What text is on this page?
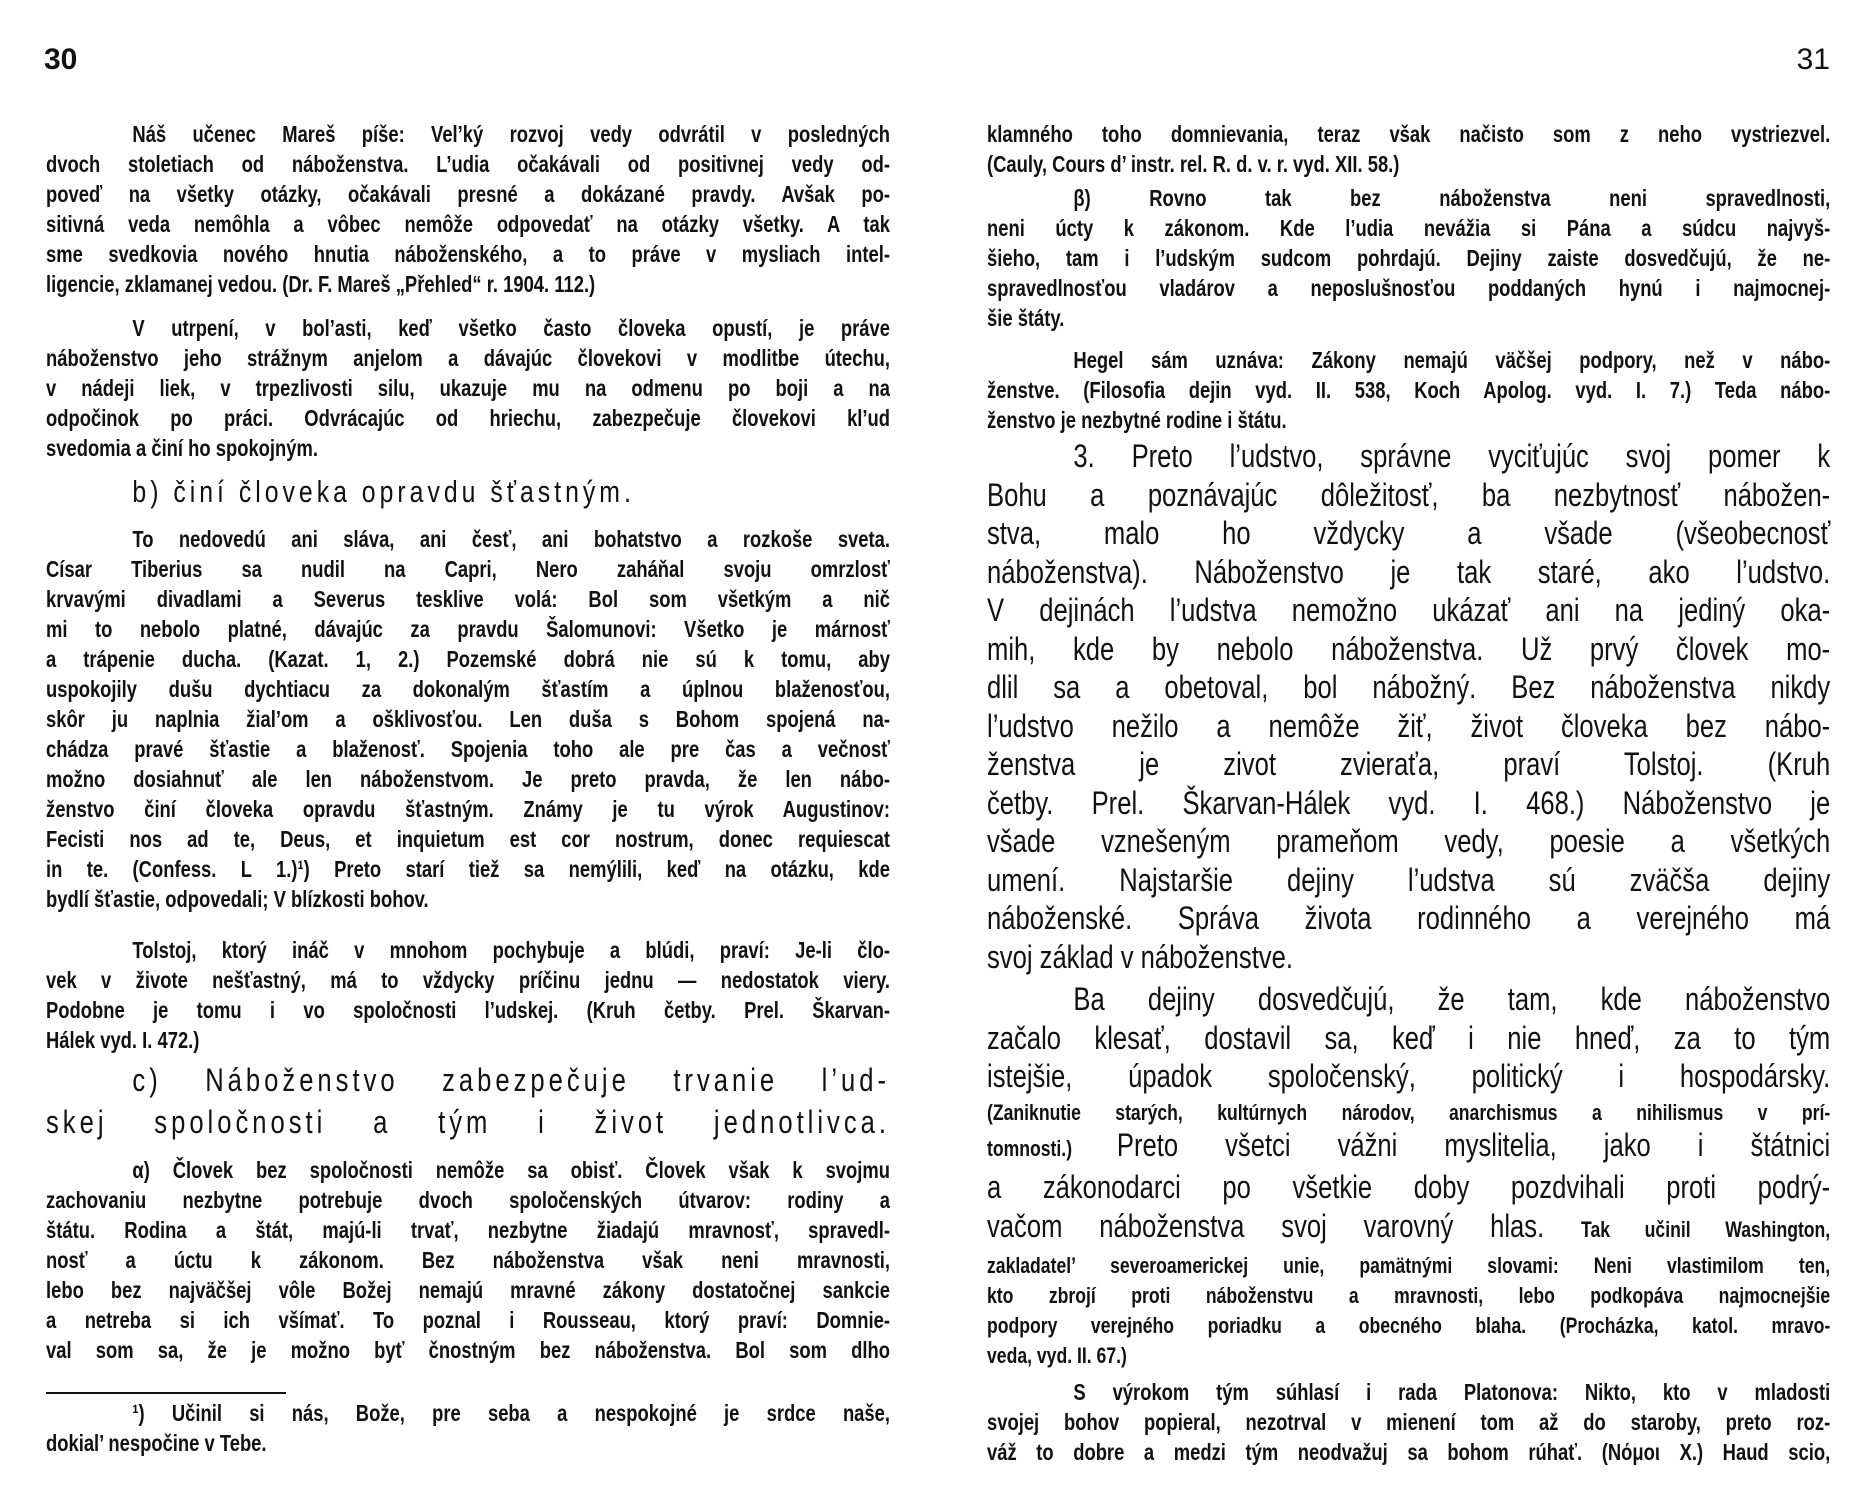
30	31
Náš učenec Mareš píše: Vel’ký rozvoj vedy odvrátil v posledných
dvoch stoletiach od náboženstva. L’udia očakávali od positivnej vedy od-
poveď na všetky otázky, očakávali presné a dokázané pravdy. Avšak po-
sitivná veda nemôhla a vôbec nemôže odpovedať na otázky všetky. A tak
sme svedkovia nového hnutia náboženského, a to práve v mysliach intel-
ligencie, zklamanej vedou. (Dr. F. Mareš „Přehled“ r. 1904. 112.)
V utrpení, v bol’asti, keď všetko často človeka opustí, je práve
náboženstvo jeho strážnym anjelom a dávajúc človekovi v modlitbe útechu,
v nádeji liek, v trpezlivosti silu, ukazuje mu na odmenu po boji a na
odpočinok po práci. Odvrácajúc od hriechu, zabezpečuje človekovi kl’ud
svedomia a činí ho spokojným.
b) činí človeka opravdu šťastným.
To nedovedú ani sláva, ani česť, ani bohatstvo a rozkoše sveta.
Císar Tiberius sa nudil na Capri, Nero zaháňal svoju omrzlosť
krvavými divadlami a Severus tesklive volá: Bol som všetkým a nič
mi to nebolo platné, dávajúc za pravdu Šalomunovi: Všetko je márnosť
a trápenie ducha. (Kazat. 1, 2.) Pozemské dobrá nie sú k tomu, aby
uspokojily dušu dychtiacu za dokonalým šťastím a úplnou blaženosťou,
skôr ju naplnia žial’om a ošklivosťou. Len duša s Bohom spojená na-
chádza pravé šťastie a blaženosť. Spojenia toho ale pre čas a večnosť
možno dosiahnuť ale len náboženstvom. Je preto pravda, že len nábo-
ženstvo činí človeka opravdu šťastným. Známy je tu výrok Augustinov:
Fecisti nos ad te, Deus, et inquietum est cor nostrum, donec requiescat
in te. (Confess. L 1.)¹) Preto starí tiež sa nemýlili, keď na otázku, kde
bydlí šťastie, odpovedali; V blízkosti bohov.
Tolstoj, ktorý ináč v mnohom pochybuje a blúdi, praví: Je-li člo-
vek v živote nešťastný, má to vždycky príčinu jednu — nedostatok viery.
Podobne je tomu i vo spoločnosti l’udskej. (Kruh četby. Prel. Škarvan-
Hálek vyd. I. 472.)
c) Náboženstvo zabezpečuje trvanie l’ud-
skej spoločnosti a tým i život jednotlivca.
α) Človek bez spoločnosti nemôže sa obisť. Človek však k svojmu
zachovaniu nezbytne potrebuje dvoch spoločenských útvarov: rodiny a
štátu. Rodina a štát, majú-li trvať, nezbytne žiadajú mravnosť, spravedl-
nosť a úctu k zákonom. Bez náboženstva však neni mravnosti,
lebo bez najväčšej vôle Božej nemajú mravné zákony dostatočnej sankcie
a netreba si ich všímať. To poznal i Rousseau, ktorý praví: Domnie-
val som sa, že je možno byť čnostným bez náboženstva. Bol som dlho
¹) Učinil si nás, Bože, pre seba a nespokojné je srdce naše,
dokial’ nespočine v Tebe.
klamného toho domnievania, teraz však načisto som z neho vystriezvel.
(Cauly, Cours d’ instr. rel. R. d. v. r. vyd. XII. 58.)
β) Rovno tak bez náboženstva neni spravedlnosti,
neni úcty k zákonom. Kde l’udia nevážia si Pána a súdcu najvyš-
šieho, tam i l’udským sudcom pohrdajú. Dejiny zaiste dosvedčujú, že ne-
spravedlnosťou vladárov a neposlušnosťou poddaných hynú i najmocnej-
šie štáty.
Hegel sám uznáva: Zákony nemajú väčšej podpory, než v nábo-
ženstve. (Filosofia dejin vyd. II. 538, Koch Apolog. vyd. I. 7.) Teda nábo-
ženstvo je nezbytné rodine i štátu.
3. Preto l’udstvo, správne vyciťujúc svoj pomer k
Bohu a poznávajúc dôležitosť, ba nezbytnosť nábožen-
stva, malo ho vždycky a všade (všeobecnosť
náboženstva). Náboženstvo je tak staré, ako l’udstvo.
V dejinách l’udstva nemožno ukázať ani na jediný oka-
mih, kde by nebolo náboženstva. Už prvý človek mo-
dlil sa a obetoval, bol nábožný. Bez náboženstva nikdy
l’udstvo nežilo a nemôže žiť, život človeka bez nábo-
ženstva je zivot zvieraťa, praví Tolstoj. (Kruh
četby. Prel. Škarvan-Hálek vyd. I. 468.) Náboženstvo je
všade vznešeným prameňom vedy, poesie a všetkých
umení. Najstaršie dejiny l’udstva sú zväčša dejiny
náboženské. Správa života rodinného a verejného má
svoj základ v náboženstve.
Ba dejiny dosvedčujú, že tam, kde náboženstvo
začalo klesať, dostavil sa, keď i nie hneď, za to tým
istejšie, úpadok spoločenský, politický i hospodársky.
(Zaniknutie starých, kultúrnych národov, anarchismus a nihilismus v prí-
tomnosti.) Preto všetci vážni myslitelia, jako i štátnici
a zákonodarci po všetkie doby pozdvihali proti podrý-
vačom náboženstva svoj varovný hlas. Tak učinil Washington,
zakladatel’ severoamerickej unie, pamätnými slovami: Neni vlastimilom ten,
kto zbrojí proti náboženstvu a mravnosti, lebo podkopáva najmocnejšie
podpory verejného poriadku a obecného blaha. (Procházka, katol. mravo-
veda, vyd. II. 67.)
S výrokom tým súhlasí i rada Platonova: Nikto, kto v mladosti
svojej bohov popieral, nezotrval v mienení tom až do staroby, preto roz-
váž to dobre a medzi tým neodvažuj sa bohom rúhať. (Νόμοι X.) Haud scio,
